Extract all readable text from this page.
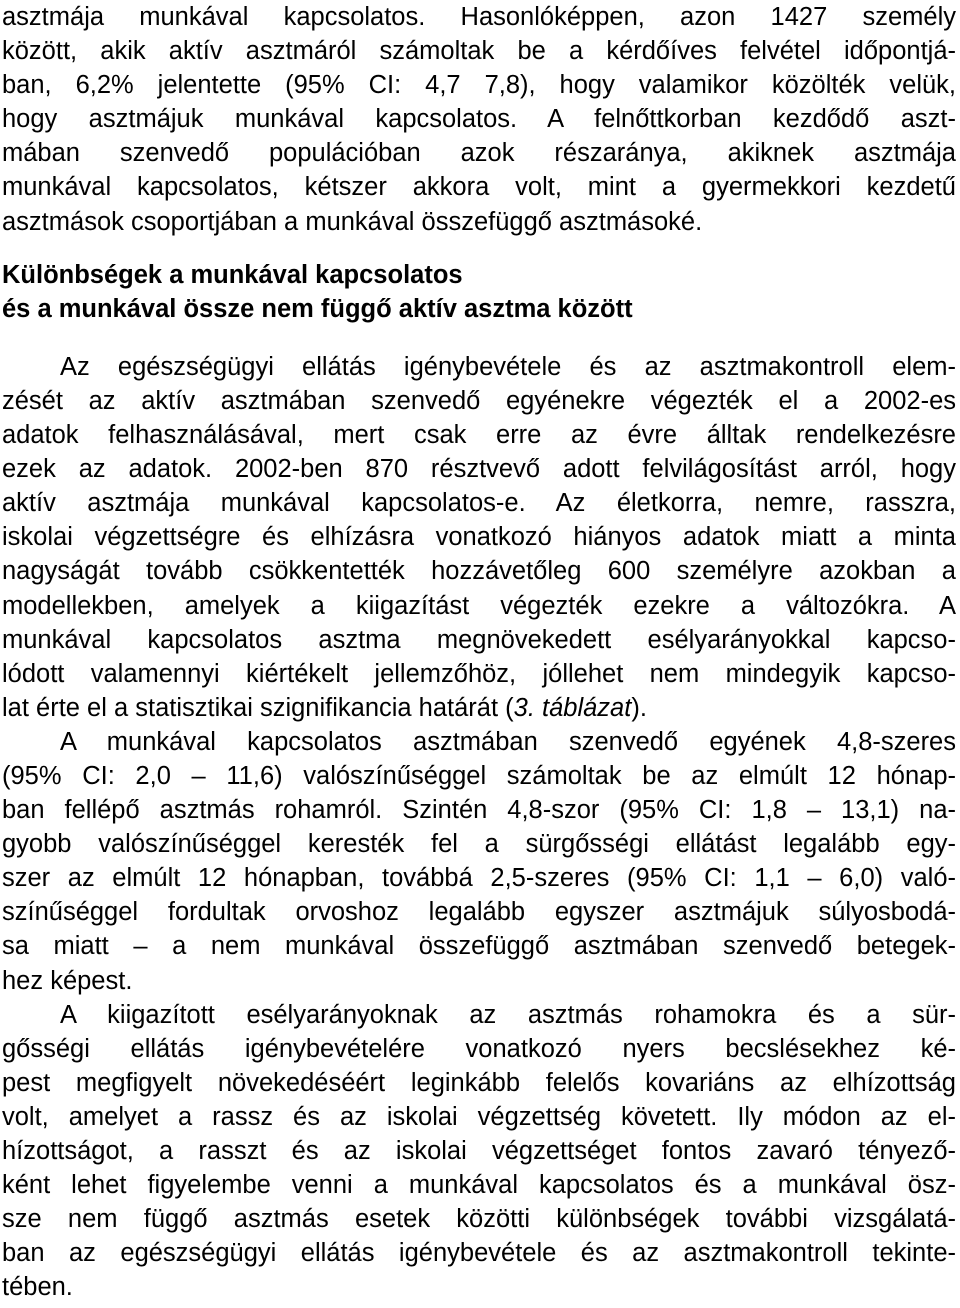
asztmája munkával kapcsolatos. Hasonlóképpen, azon 1427 személy
között, akik aktív asztmáról számoltak be a kérdőíves felvétel időpontjá-
ban, 6,2% jelentette (95% CI: 4,7 7,8), hogy valamikor közölték velük,
hogy asztmájuk munkával kapcsolatos. A felnőttkorban kezdődő aszt-
mában szenvedő populációban azok részaránya, akiknek asztmája
munkával kapcsolatos, kétszer akkora volt, mint a gyermekkori kezdetű
asztmások csoportjában a munkával összefüggő asztmásoké.
Különbségek a munkával kapcsolatos
és a munkával össze nem függő aktív asztma között
Az egészségügyi ellátás igénybevétele és az asztmakontroll elem-
zését az aktív asztmában szenvedő egyénekre végezték el a 2002-es
adatok felhasználásával, mert csak erre az évre álltak rendelkezésre
ezek az adatok. 2002-ben 870 résztvevő adott felvilágosítást arról, hogy
aktív asztmája munkával kapcsolatos-e. Az életkorra, nemre, rasszra,
iskolai végzettségre és elhízásra vonatkozó hiányos adatok miatt a minta
nagyságát tovább csökkentették hozzávetőleg 600 személyre azokban a
modellekben, amelyek a kiigazítást végezték ezekre a változókra. A
munkával kapcsolatos asztma megnövekedett esélyarányokkal kapcso-
lódott valamennyi kiértékelt jellemzőhöz, jóllehet nem mindegyik kapcso-
lat érte el a statisztikai szignifikancia határát (3. táblázat).
A munkával kapcsolatos asztmában szenvedő egyének 4,8-szeres
(95% CI: 2,0 – 11,6) valószínűséggel számoltak be az elmúlt 12 hónap-
ban fellépő asztmás rohamról. Szintén 4,8-szor (95% CI: 1,8 – 13,1) na-
gyobb valószínűséggel keresték fel a sürgősségi ellátást legalább egy-
szer az elmúlt 12 hónapban, továbbá 2,5-szeres (95% CI: 1,1 – 6,0) való-
színűséggel fordultak orvoshoz legalább egyszer asztmájuk súlyosbodá-
sa miatt – a nem munkával összefüggő asztmában szenvedő betegek-
hez képest.
A kiigazított esélyarányoknak az asztmás rohamokra és a sür-
gősségi ellátás igénybevételére vonatkozó nyers becslésekhez ké-
pest megfigyelt növekedéséért leginkább felelős kovariáns az elhízottság
volt, amelyet a rassz és az iskolai végzettség követett. Ily módon az el-
hízottságot, a rasszt és az iskolai végzettséget fontos zavaró tényező-
ként lehet figyelembe venni a munkával kapcsolatos és a munkával ösz-
sze nem függő asztmás esetek közötti különbségek további vizsgálatá-
ban az egészségügyi ellátás igénybevétele és az asztmakontroll tekinte-
tében.
